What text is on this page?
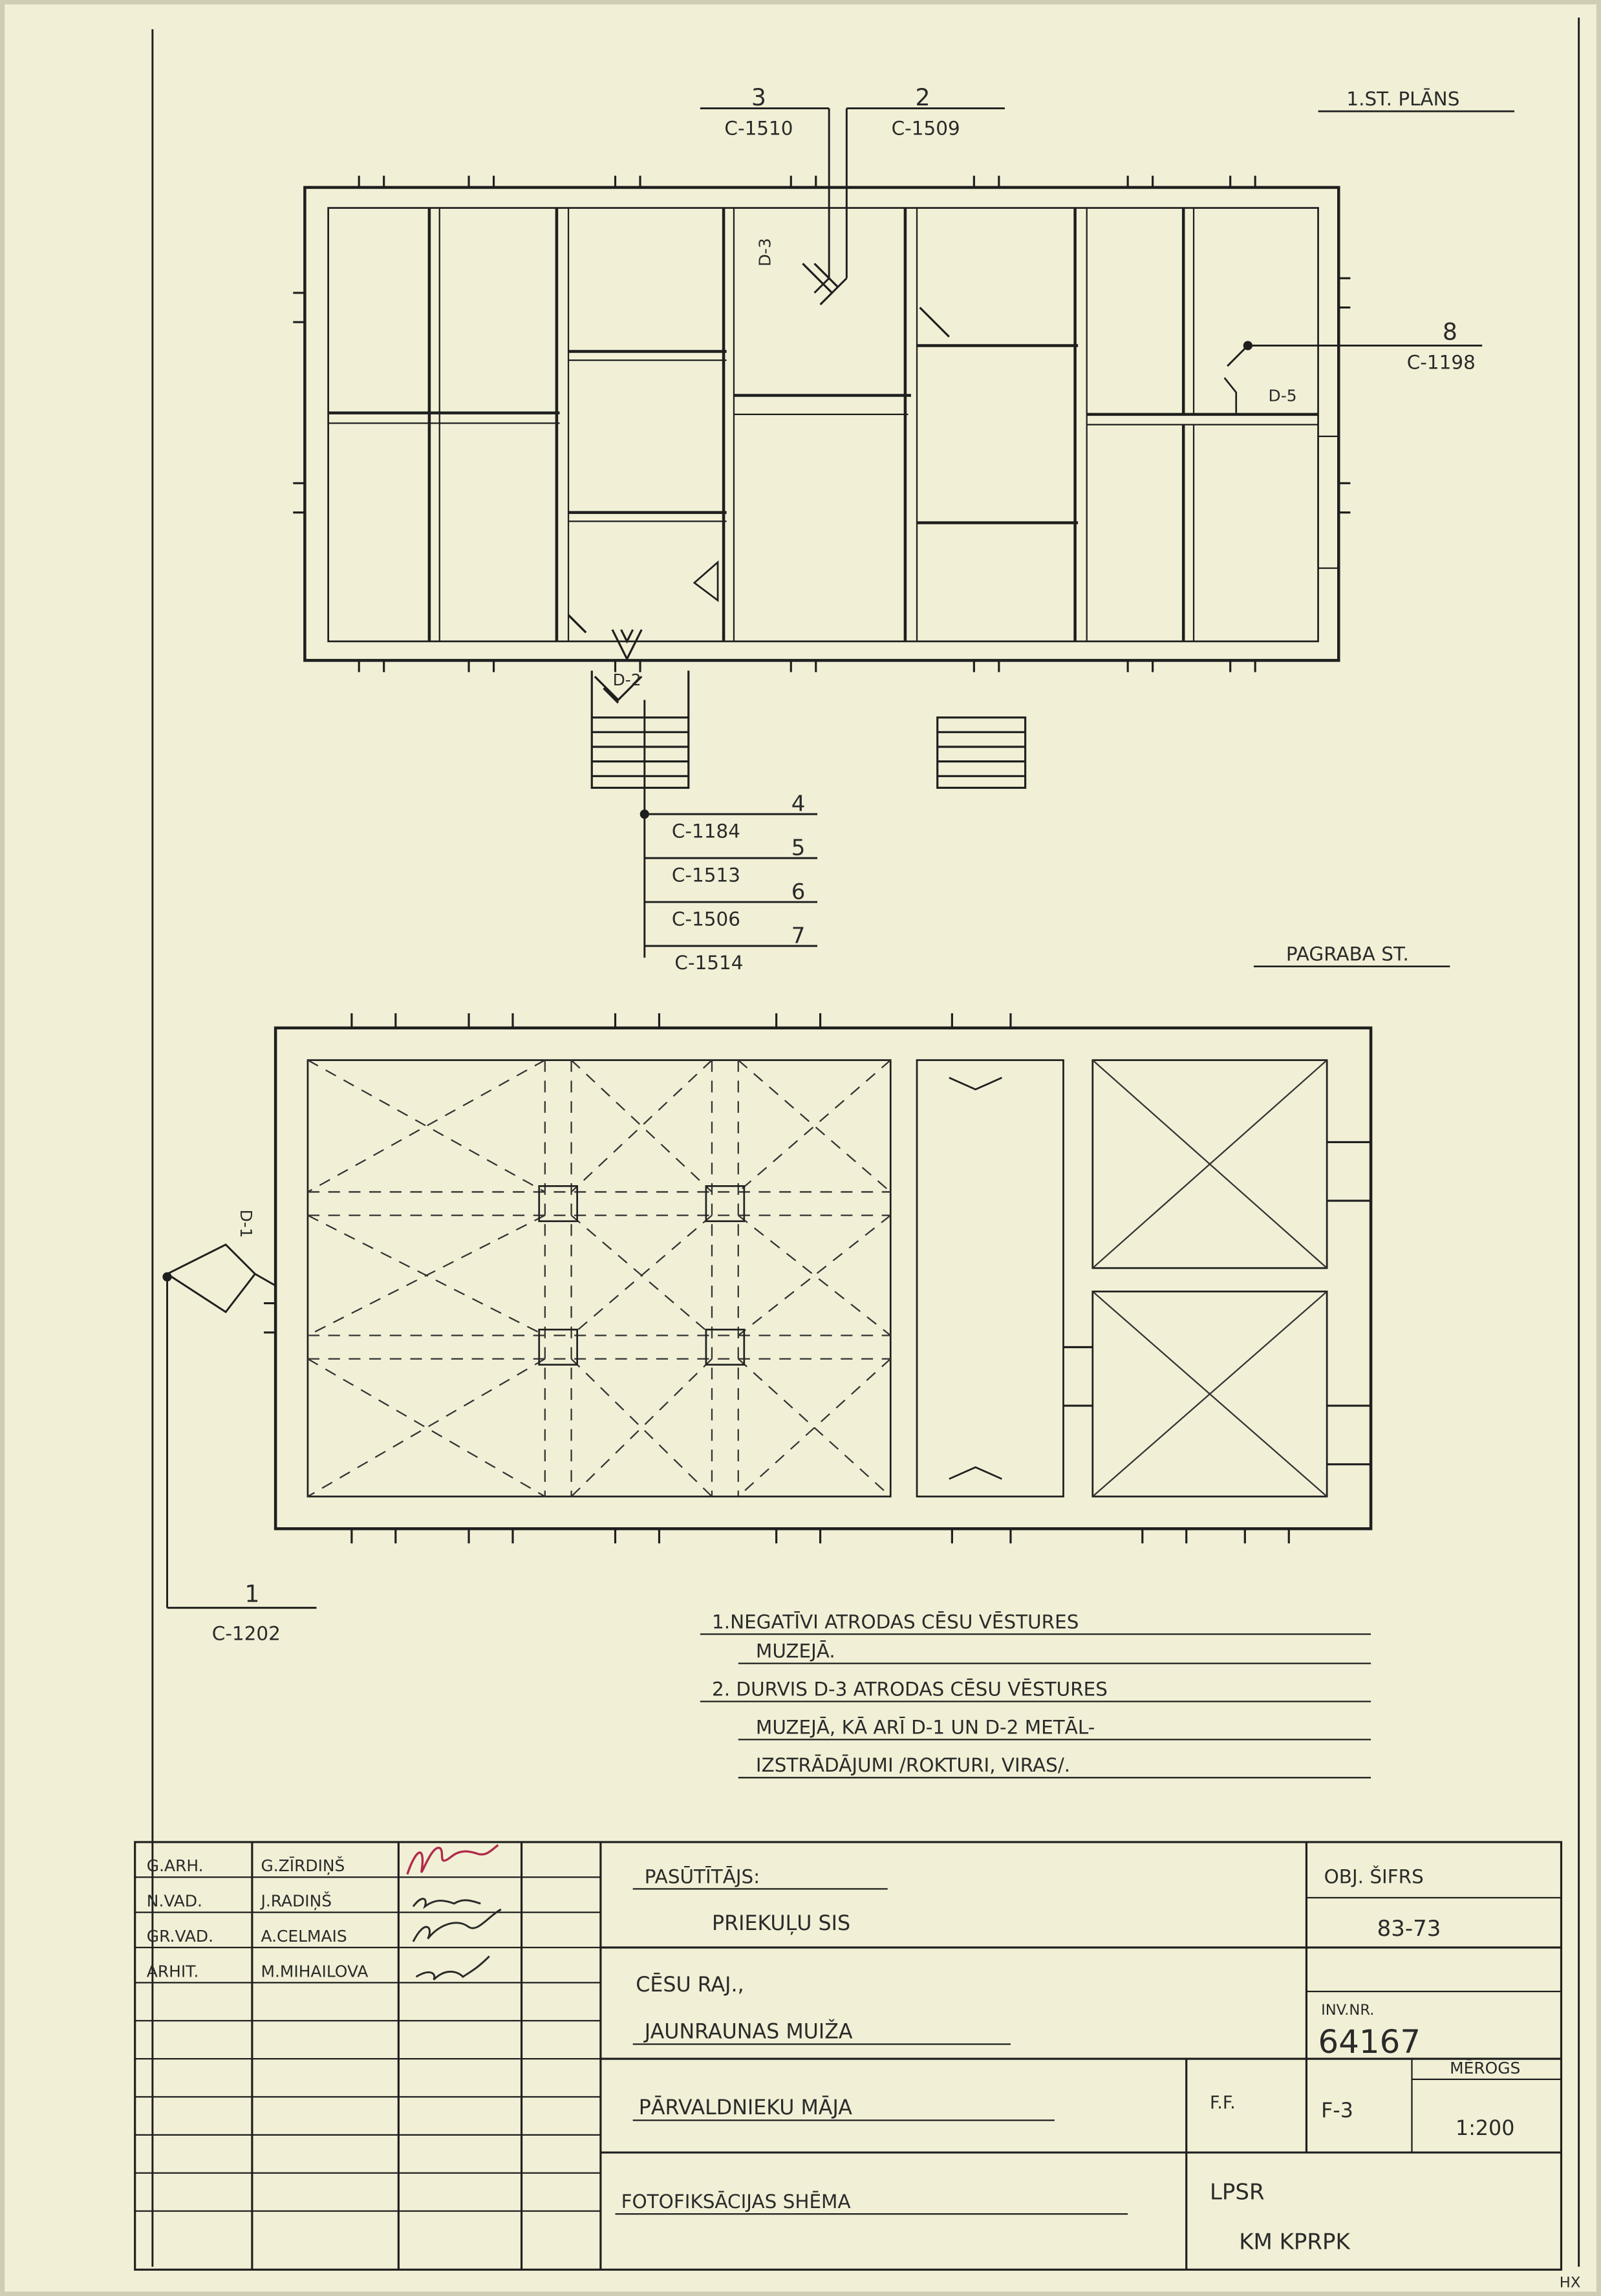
3
C-1510
2
C-1509
8
C-1198
4
C-1184
5
C-1513
6
C-1506
7
C-1514
D-3
D-5
D-2
1.ST. PLĀNS
PAGRABA ST.
1
C-1202
D-1
1.NEGATĪVI ATRODAS CĒSU VĒSTURES
MUZEJĀ.
2. DURVIS D-3 ATRODAS CĒSU VĒSTURES
MUZEJĀ, KĀ ARĪ D-1 UN D-2 METĀL-
IZSTRĀDĀJUMI /ROKTURI, VIRAS/.
G.ARH.	G.ZĪRDIŅŠ
N.VAD.	J.RADIŅŠ
GR.VAD.	A.CELMAIS
ARHIT.	M.MIHAILOVA
PASŪTĪTĀJS:
PRIEKUĻU SIS
OBJ. ŠIFRS
83-73
CĒSU RAJ.,
JAUNRAUNAS MUIŽA
INV.NR.
64167
PĀRVALDNIEKU MĀJA	F.F.	F-3
MĒROGS
1:200
FOTOFIKSĀCIJAS SHĒMA	LPSR
KM KPRPK
HX
